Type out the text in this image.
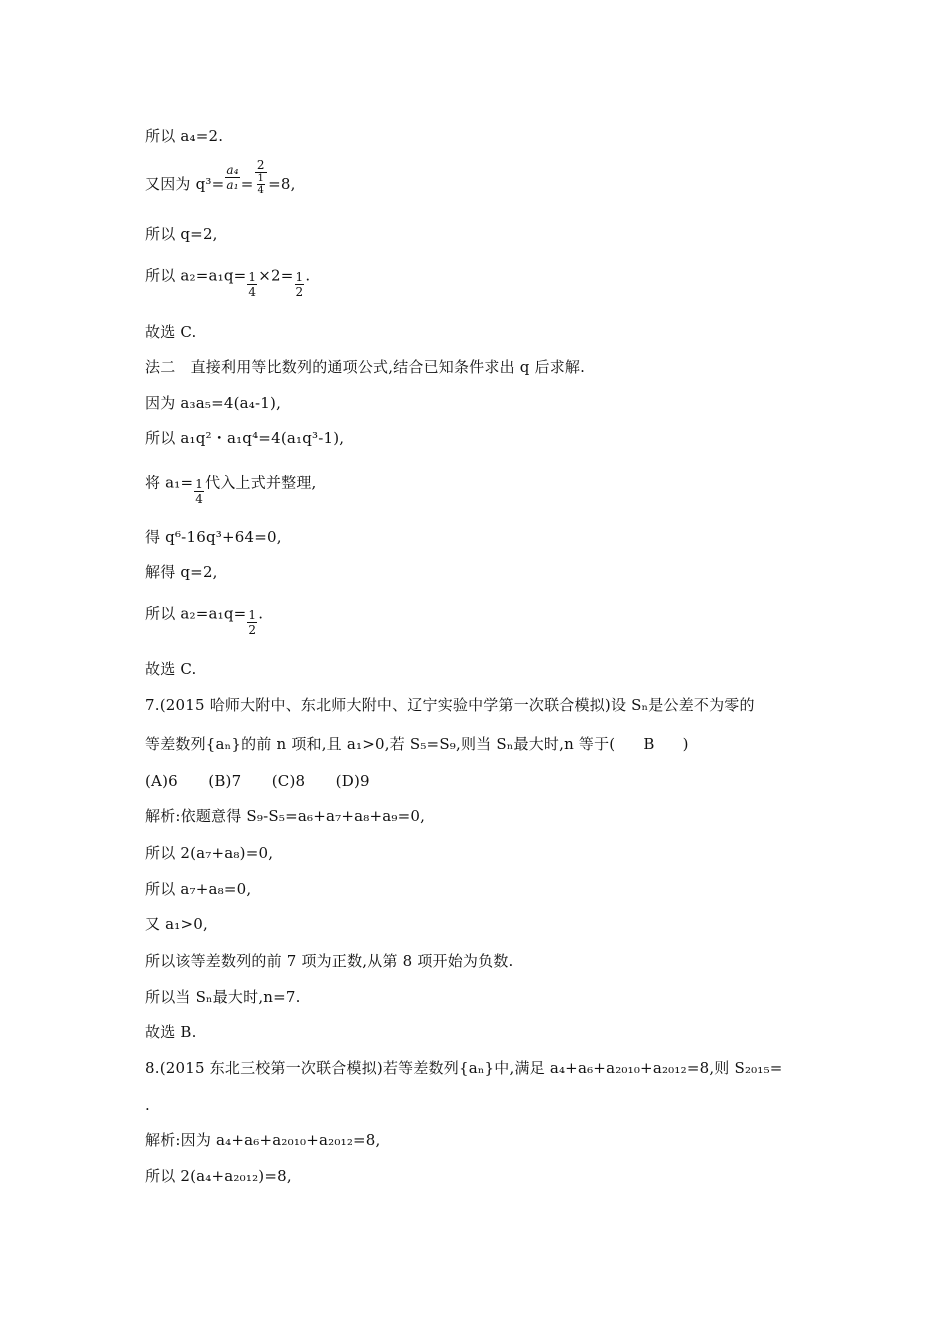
所以 a₄=2.
又因为 $q^3= \frac{\text{a₄}}{\text{a₁}} = \frac{2}{\frac{1}{4}} =8$,
所以 q=2,
所以 $a_2=a_1q= \frac{1}{4} \times 2= \frac{1}{2}$ .
故选 C.
法二　直接利用等比数列的通项公式,结合已知条件求出 q 后求解.
因为 a₃a₅=4(a₄-1),
所以 a₁q²・a₁q⁴=4(a₁q³-1),
将 $a_1= \frac{1}{4}$ 代入上式并整理,
得 q⁶-16q³+64=0,
解得 q=2,
所以 $a_2=a_1q= \frac{1}{2}$ .
故选 C.
7.(2015 哈师大附中、东北师大附中、辽宁实验中学第一次联合模拟)设 Sₙ是公差不为零的
等差数列{aₙ}的前 n 项和,且 a₁>0,若 S₅=S₉,则当 Sₙ最大时,n 等于( B )
(A)6　　(B)7　　(C)8　　(D)9
解析:依题意得 S₉-S₅=a₆+a₇+a₈+a₉=0,
所以 2(a₇+a₈)=0,
所以 a₇+a₈=0,
又 a₁>0,
所以该等差数列的前 7 项为正数,从第 8 项开始为负数.
所以当 Sₙ最大时,n=7.
故选 B.
8.(2015 东北三校第一次联合模拟)若等差数列{aₙ}中,满足 a₄+a₆+a₂₀₁₀+a₂₀₁₂=8,则 S₂₀₁₅=
.
解析:因为 a₄+a₆+a₂₀₁₀+a₂₀₁₂=8,
所以 2(a₄+a₂₀₁₂)=8,
